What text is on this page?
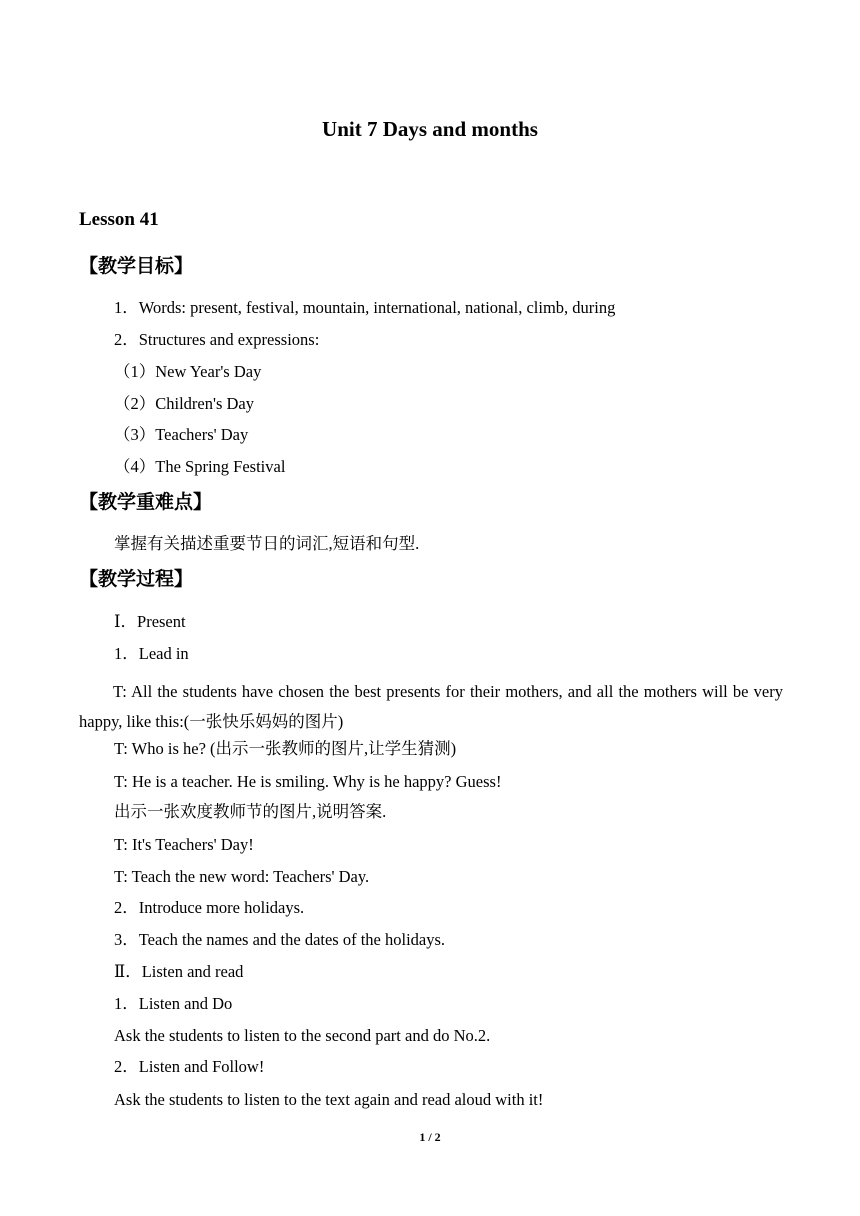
Unit 7 Days and months
Lesson 41
【教学目标】
1．Words: present, festival, mountain, international, national, climb, during
2．Structures and expressions:
（1）New Year's Day
（2）Children's Day
（3）Teachers' Day
（4）The Spring Festival
【教学重难点】
掌握有关描述重要节日的词汇,短语和句型.
【教学过程】
Ⅰ．Present
1．Lead in
T: All the students have chosen the best presents for their mothers, and all the mothers will be very happy, like this:(一张快乐妈妈的图片)
T: Who is he? (出示一张教师的图片,让学生猜测)
T: He is a teacher. He is smiling. Why is he happy? Guess!
出示一张欢度教师节的图片,说明答案.
T: It's Teachers' Day!
T: Teach the new word: Teachers' Day.
2．Introduce more holidays.
3．Teach the names and the dates of the holidays.
Ⅱ．Listen and read
1．Listen and Do
Ask the students to listen to the second part and do No.2.
2．Listen and Follow!
Ask the students to listen to the text again and read aloud with it!
1 / 2
